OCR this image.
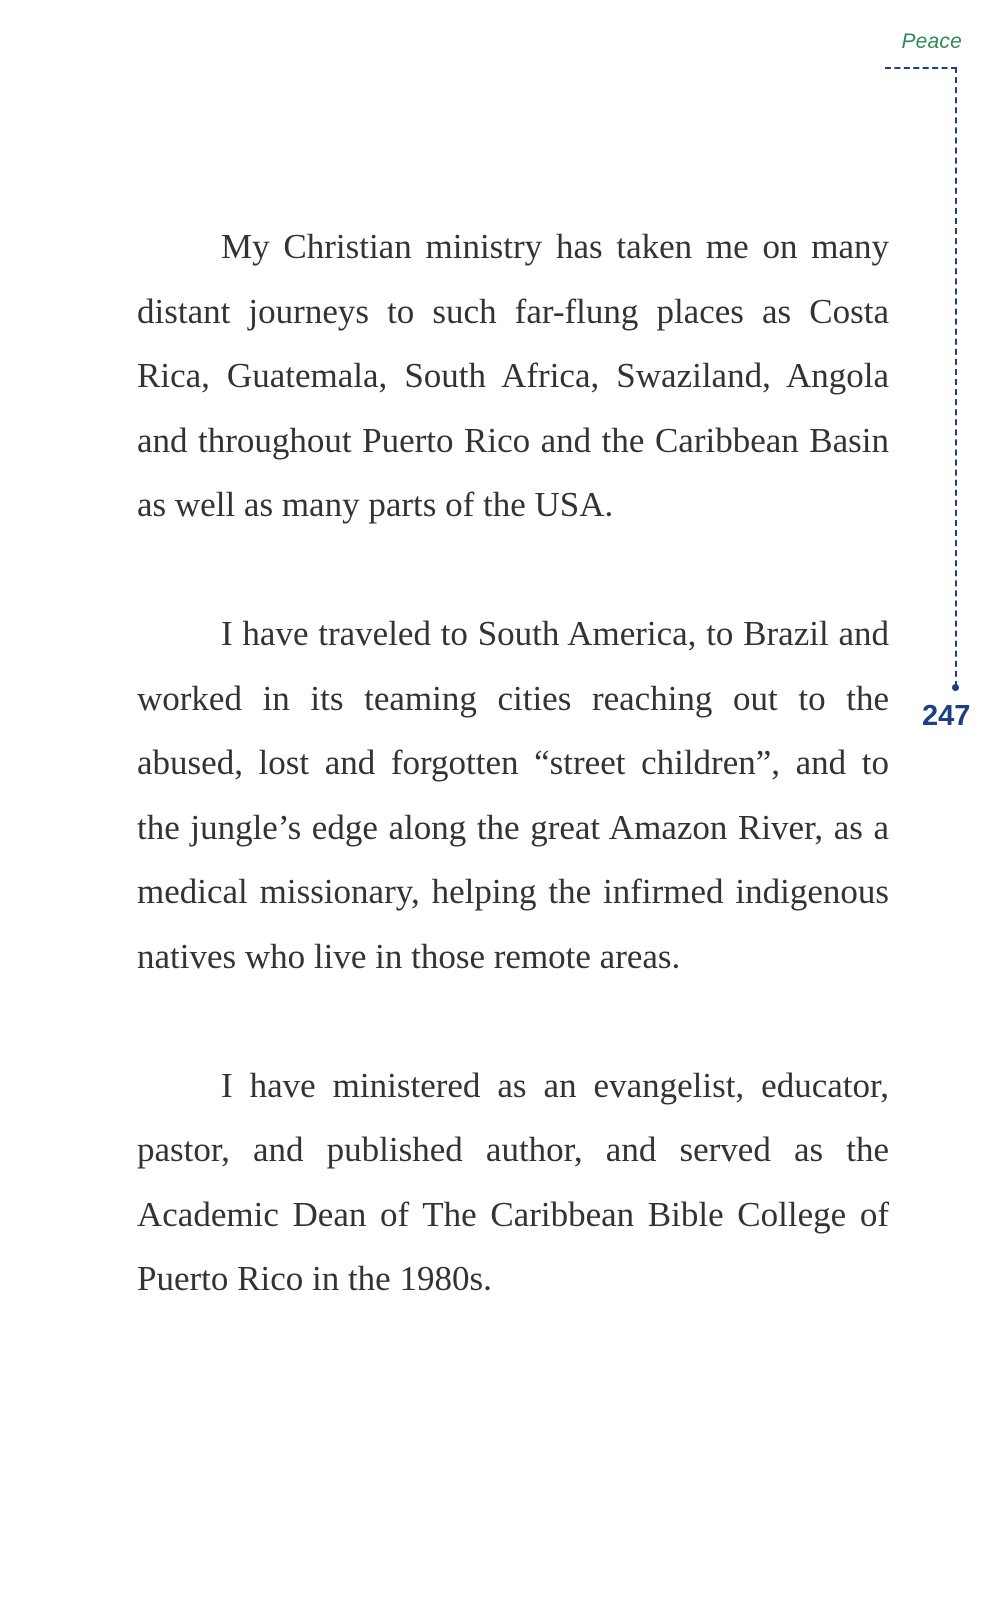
Peace
247

My Christian ministry has taken me on many distant journeys to such far-flung places as Costa Rica, Guatemala, South Africa, Swaziland, Angola and throughout Puerto Rico and the Caribbean Basin as well as many parts of the USA.

I have traveled to South America, to Brazil and worked in its teaming cities reaching out to the abused, lost and forgotten “street children”, and to the jungle’s edge along the great Amazon River, as a medical missionary, helping the infirmed indigenous natives who live in those remote areas.

I have ministered as an evangelist, educator, pastor, and published author, and served as the Academic Dean of The Caribbean Bible College of Puerto Rico in the 1980s.
